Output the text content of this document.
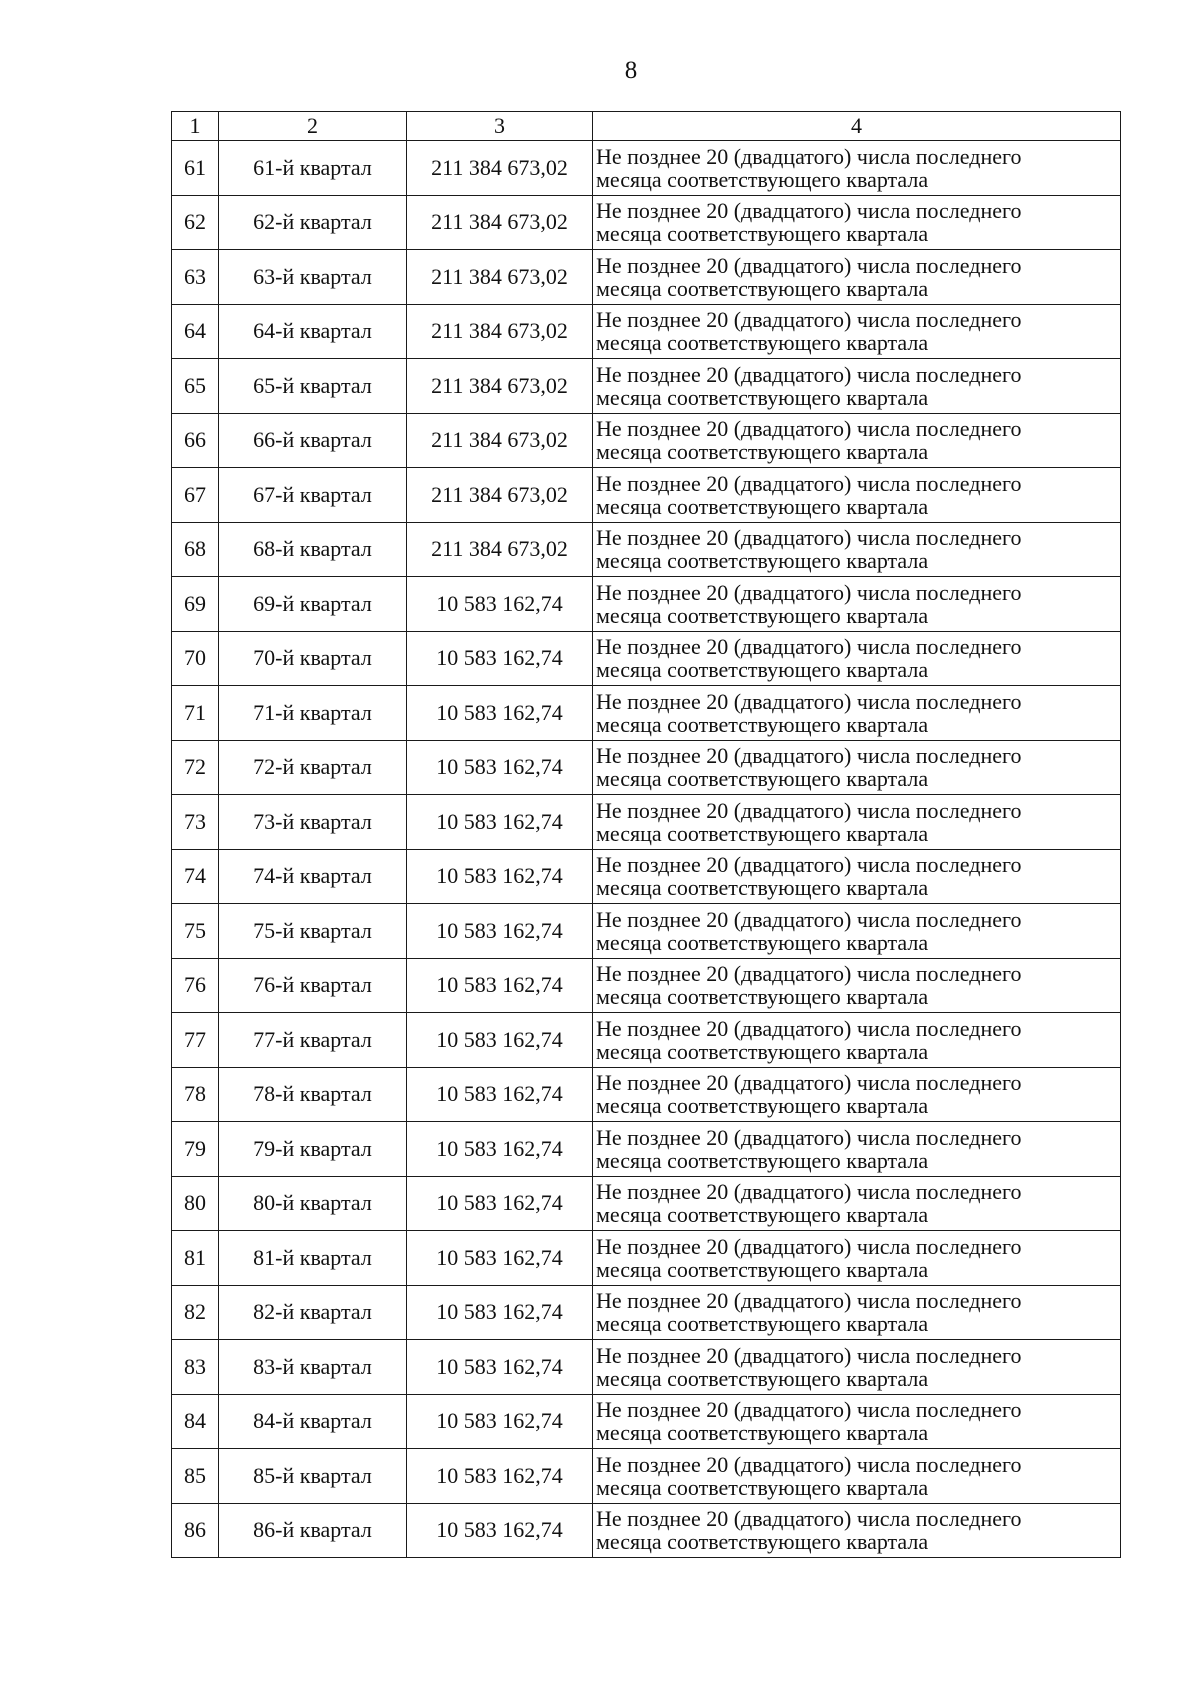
8
1	2	3	4
61	61-й квартал	211 384 673,02	Не позднее 20 (двадцатого) числа последнего
месяца соответствующего квартала

62	62-й квартал	211 384 673,02	Не позднее 20 (двадцатого) числа последнего
месяца соответствующего квартала

63	63-й квартал	211 384 673,02	Не позднее 20 (двадцатого) числа последнего
месяца соответствующего квартала

64	64-й квартал	211 384 673,02	Не позднее 20 (двадцатого) числа последнего
месяца соответствующего квартала

65	65-й квартал	211 384 673,02	Не позднее 20 (двадцатого) числа последнего
месяца соответствующего квартала

66	66-й квартал	211 384 673,02	Не позднее 20 (двадцатого) числа последнего
месяца соответствующего квартала

67	67-й квартал	211 384 673,02	Не позднее 20 (двадцатого) числа последнего
месяца соответствующего квартала

68	68-й квартал	211 384 673,02	Не позднее 20 (двадцатого) числа последнего
месяца соответствующего квартала

69	69-й квартал	10 583 162,74	Не позднее 20 (двадцатого) числа последнего
месяца соответствующего квартала

70	70-й квартал	10 583 162,74	Не позднее 20 (двадцатого) числа последнего
месяца соответствующего квартала

71	71-й квартал	10 583 162,74	Не позднее 20 (двадцатого) числа последнего
месяца соответствующего квартала

72	72-й квартал	10 583 162,74	Не позднее 20 (двадцатого) числа последнего
месяца соответствующего квартала

73	73-й квартал	10 583 162,74	Не позднее 20 (двадцатого) числа последнего
месяца соответствующего квартала

74	74-й квартал	10 583 162,74	Не позднее 20 (двадцатого) числа последнего
месяца соответствующего квартала

75	75-й квартал	10 583 162,74	Не позднее 20 (двадцатого) числа последнего
месяца соответствующего квартала

76	76-й квартал	10 583 162,74	Не позднее 20 (двадцатого) числа последнего
месяца соответствующего квартала

77	77-й квартал	10 583 162,74	Не позднее 20 (двадцатого) числа последнего
месяца соответствующего квартала

78	78-й квартал	10 583 162,74	Не позднее 20 (двадцатого) числа последнего
месяца соответствующего квартала

79	79-й квартал	10 583 162,74	Не позднее 20 (двадцатого) числа последнего
месяца соответствующего квартала

80	80-й квартал	10 583 162,74	Не позднее 20 (двадцатого) числа последнего
месяца соответствующего квартала

81	81-й квартал	10 583 162,74	Не позднее 20 (двадцатого) числа последнего
месяца соответствующего квартала

82	82-й квартал	10 583 162,74	Не позднее 20 (двадцатого) числа последнего
месяца соответствующего квартала

83	83-й квартал	10 583 162,74	Не позднее 20 (двадцатого) числа последнего
месяца соответствующего квартала

84	84-й квартал	10 583 162,74	Не позднее 20 (двадцатого) числа последнего
месяца соответствующего квартала

85	85-й квартал	10 583 162,74	Не позднее 20 (двадцатого) числа последнего
месяца соответствующего квартала

86	86-й квартал	10 583 162,74	Не позднее 20 (двадцатого) числа последнего
месяца соответствующего квартала
